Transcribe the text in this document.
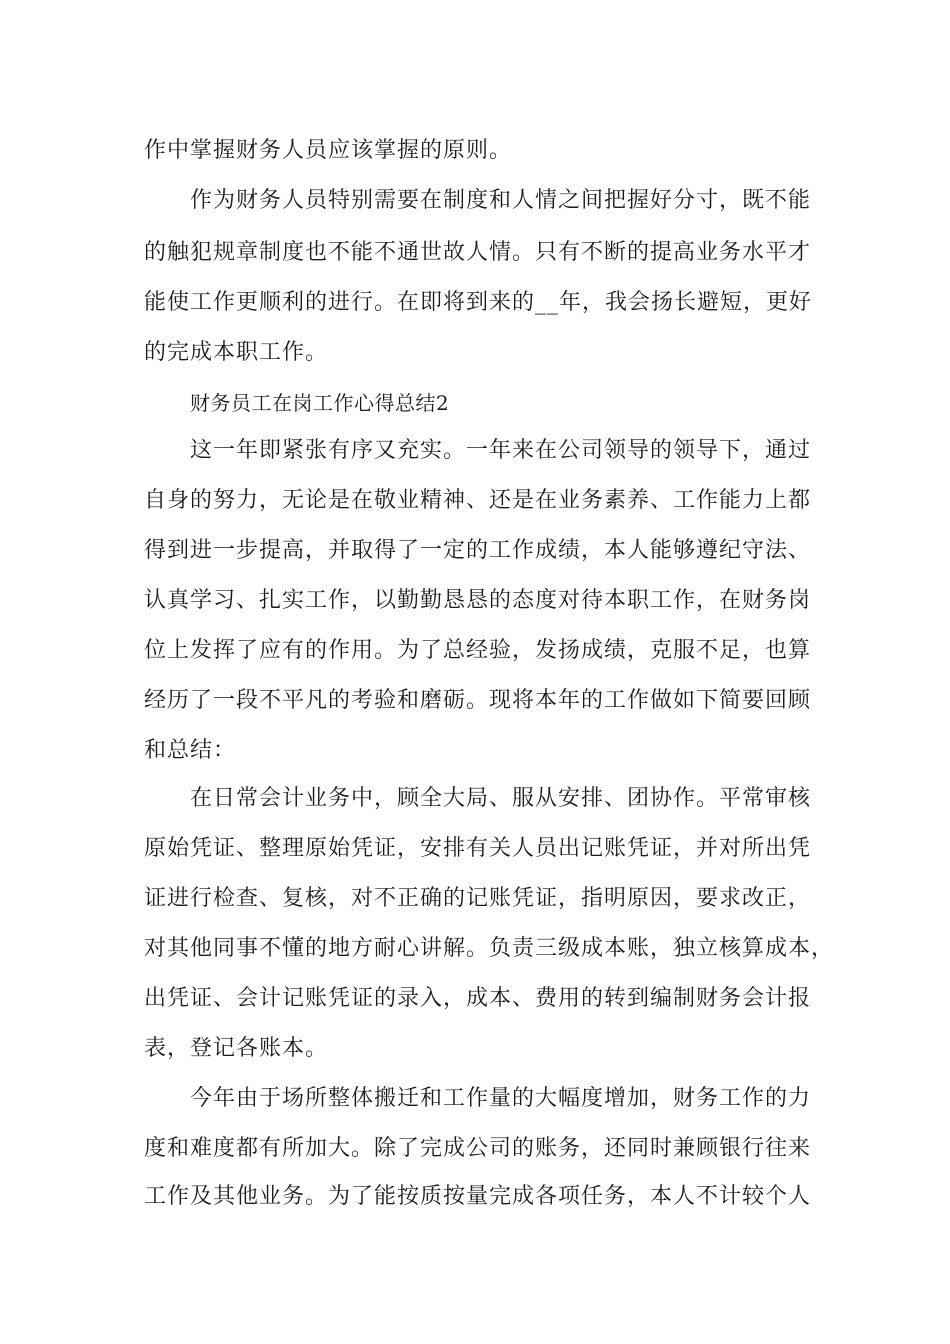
作中掌握财务人员应该掌握的原则。
作为财务人员特别需要在制度和人情之间把握好分寸，既不能
的触犯规章制度也不能不通世故人情。只有不断的提高业务水平才
能使工作更顺利的进行。在即将到来的__年，我会扬长避短，更好
的完成本职工作。
财务员工在岗工作心得总结2
这一年即紧张有序又充实。一年来在公司领导的领导下，通过
自身的努力，无论是在敬业精神、还是在业务素养、工作能力上都
得到进一步提高，并取得了一定的工作成绩，本人能够遵纪守法、
认真学习、扎实工作，以勤勤恳恳的态度对待本职工作，在财务岗
位上发挥了应有的作用。为了总经验，发扬成绩，克服不足，也算
经历了一段不平凡的考验和磨砺。现将本年的工作做如下简要回顾
和总结：
在日常会计业务中，顾全大局、服从安排、团协作。平常审核
原始凭证、整理原始凭证，安排有关人员出记账凭证，并对所出凭
证进行检查、复核，对不正确的记账凭证，指明原因，要求改正，
对其他同事不懂的地方耐心讲解。负责三级成本账，独立核算成本，
出凭证、会计记账凭证的录入，成本、费用的转到编制财务会计报
表，登记各账本。
今年由于场所整体搬迁和工作量的大幅度增加，财务工作的力
度和难度都有所加大。除了完成公司的账务，还同时兼顾银行往来
工作及其他业务。为了能按质按量完成各项任务，本人不计较个人
